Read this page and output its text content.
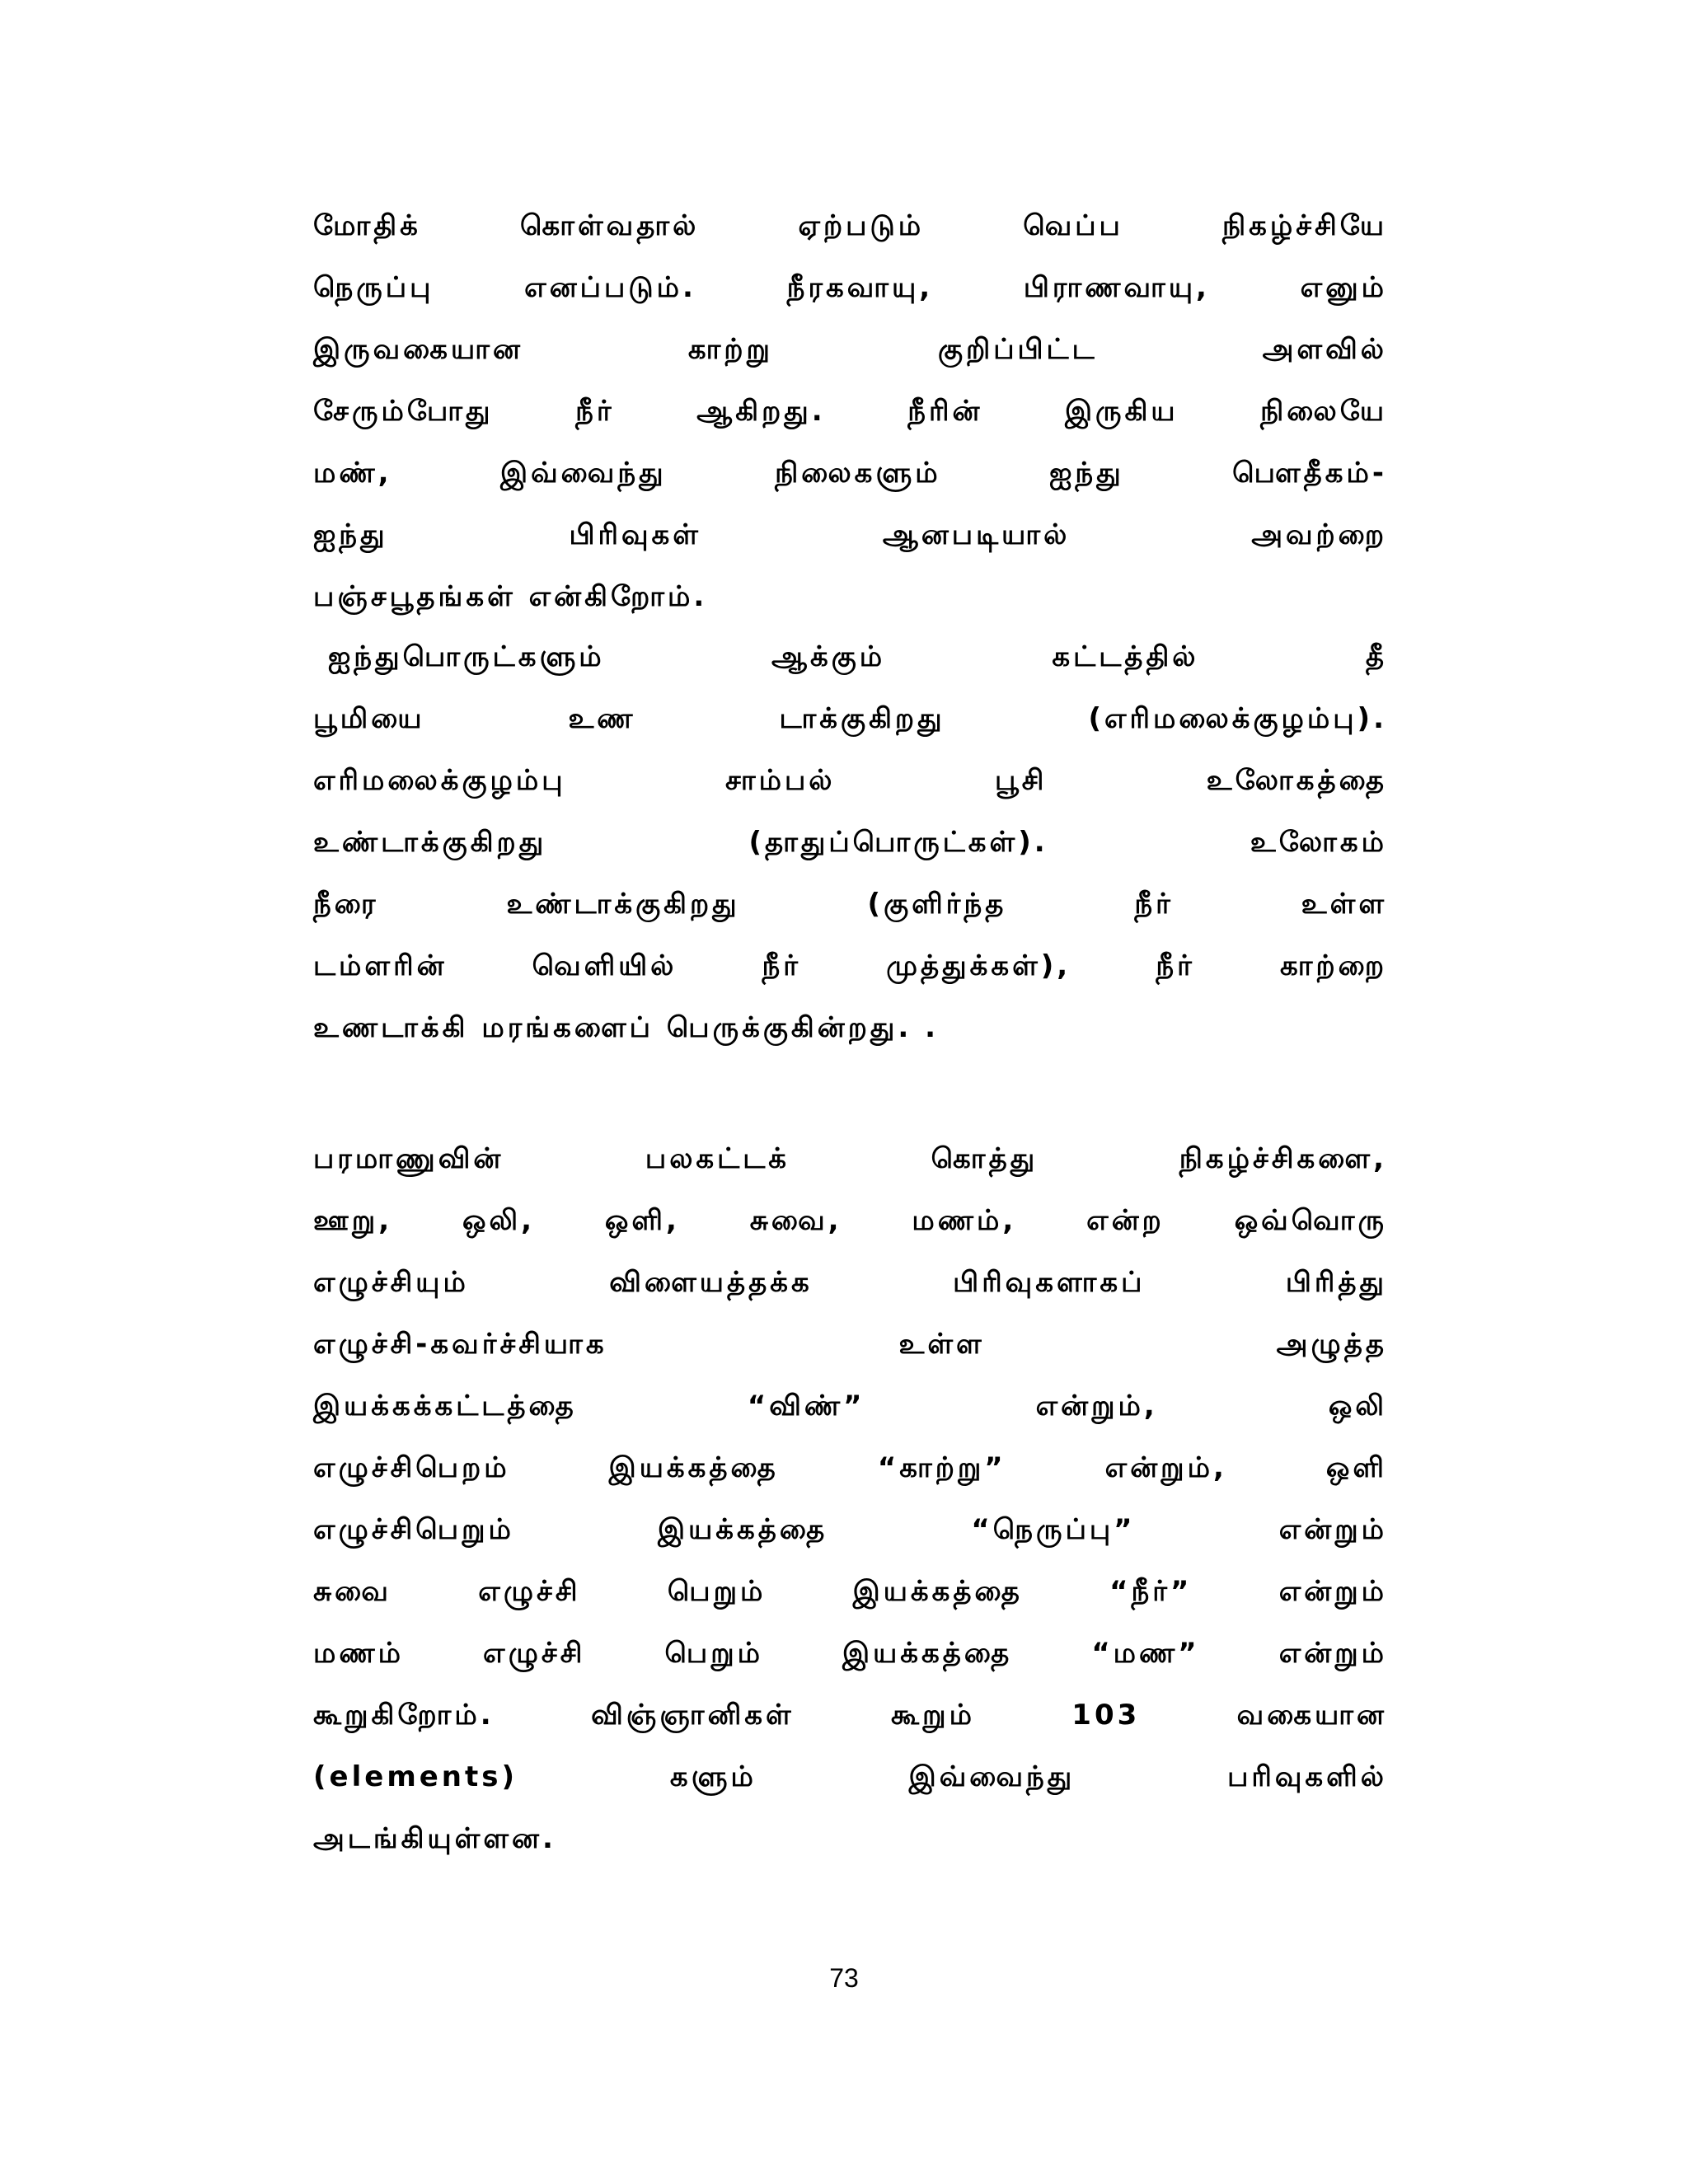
மோதிக் கொள்வதால் ஏற்படும் வெப்ப நிகழ்ச்சியே
நெருப்பு எனப்படும். நீரகவாயு, பிராணவாயு, எனும்
இருவகையான காற்று குறிப்பிட்ட அளவில்
சேரும்போது நீர் ஆகிறது. நீரின் இருகிய நிலையே
மண், இவ்வைந்து நிலைகளும் ஐந்து பௌதீகம்-
ஐந்து பிரிவுகள் ஆனபடியால் அவற்றை
பஞ்சபூதங்கள் என்கிறோம்.
ஐந்துபொருட்களும் ஆக்கும் கட்டத்தில் தீ
பூமியை உண டாக்குகிறது (எரிமலைக்குழம்பு).
எரிமலைக்குழம்பு சாம்பல் பூசி உலோகத்தை
உண்டாக்குகிறது (தாதுப்பொருட்கள்). உலோகம்
நீரை உண்டாக்குகிறது (குளிர்ந்த நீர் உள்ள
டம்ளரின் வெளியில் நீர் முத்துக்கள்), நீர் காற்றை
உணடாக்கி மரங்களைப் பெருக்குகின்றது. .
பரமாணுவின் பலகட்டக் கொத்து நிகழ்ச்சிகளை,
ஊறு, ஒலி, ஒளி, சுவை, மணம், என்ற ஒவ்வொரு
எழுச்சியும் விளையத்தக்க பிரிவுகளாகப் பிரித்து
எழுச்சி-கவர்ச்சியாக உள்ள அழுத்த
இயக்கக்கட்டத்தை “விண்” என்றும், ஒலி
எழுச்சிபெறம் இயக்கத்தை “காற்று” என்றும், ஒளி
எழுச்சிபெறும் இயக்கத்தை “நெருப்பு” என்றும்
சுவை எழுச்சி பெறும் இயக்கத்தை “நீர்” என்றும்
மணம் எழுச்சி பெறும் இயக்கத்தை “மண” என்றும்
கூறுகிறோம். விஞ்ஞானிகள் கூறும் 103 வகையான
(elements) களும் இவ்வைந்து பரிவுகளில்
அடங்கியுள்ளன.
73
